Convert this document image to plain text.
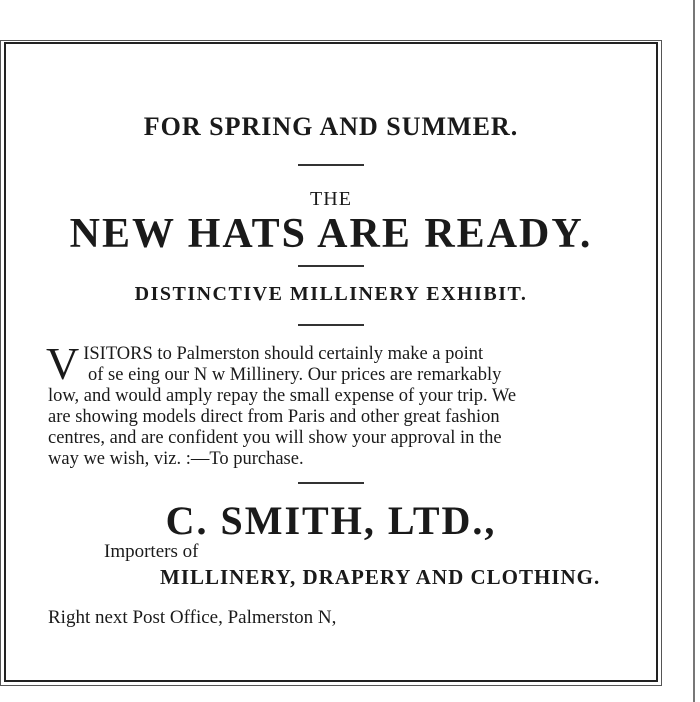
FOR SPRING AND SUMMER.
THE
NEW HATS ARE READY.
DISTINCTIVE MILLINERY EXHIBIT.
V ISITORS to Palmerston should certainly make a point
of se eing our N w Millinery. Our prices are remarkably
low, and would amply repay the small expense of your trip. We
are showing models direct from Paris and other great fashion
centres, and are confident you will show your approval in the
way we wish, viz. :—To purchase.
C. SMITH, LTD.,
Importers of
MILLINERY, DRAPERY AND CLOTHING.
Right next Post Office, Palmerston N,
